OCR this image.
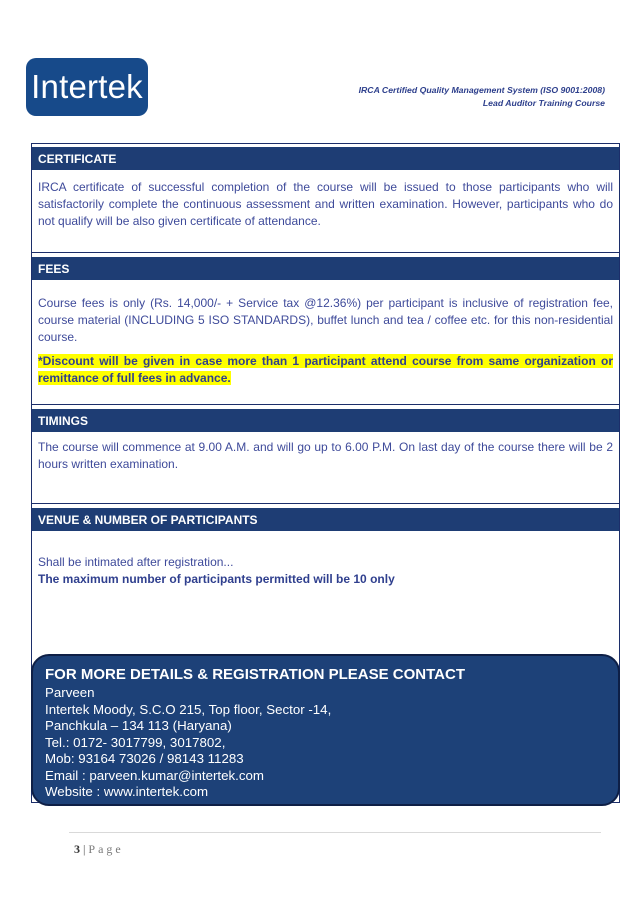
Intertek	IRCA Certified Quality Management System (ISO 9001:2008)
Lead Auditor Training Course
CERTIFICATE
IRCA certificate of successful completion of the course will be issued to those participants who will satisfactorily complete the continuous assessment and written examination. However, participants who do not qualify will be also given certificate of attendance.
FEES
Course fees is only (Rs. 14,000/- + Service tax @12.36%) per participant is inclusive of registration fee, course material (INCLUDING 5 ISO STANDARDS), buffet lunch and tea / coffee etc. for this non-residential course.
*Discount will be given in case more than 1 participant attend course from same organization or remittance of full fees in advance.
TIMINGS
The course will commence at 9.00 A.M. and will go up to 6.00 P.M. On last day of the course there will be 2 hours written examination.
VENUE & NUMBER OF PARTICIPANTS
Shall be intimated after registration...
The maximum number of participants permitted will be 10 only
FOR MORE DETAILS & REGISTRATION PLEASE CONTACT
Parveen
Intertek Moody, S.C.O 215, Top floor, Sector -14,
Panchkula – 134 113 (Haryana)
Tel.: 0172- 3017799, 3017802,
Mob: 93164 73026 / 98143 11283
Email : parveen.kumar@intertek.com
Website : www.intertek.com
3 | Page
